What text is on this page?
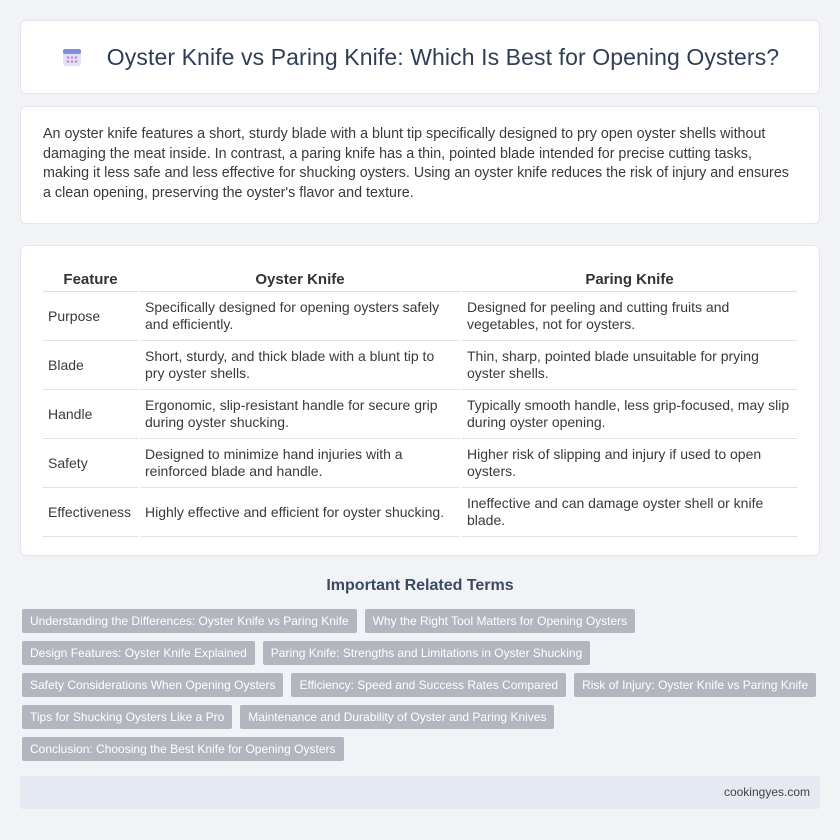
Oyster Knife vs Paring Knife: Which Is Best for Opening Oysters?

An oyster knife features a short, sturdy blade with a blunt tip specifically designed to pry open oyster shells without damaging the meat inside. In contrast, a paring knife has a thin, pointed blade intended for precise cutting tasks, making it less safe and less effective for shucking oysters. Using an oyster knife reduces the risk of injury and ensures a clean opening, preserving the oyster's flavor and texture.

Feature	Oyster Knife	Paring Knife
Purpose	Specifically designed for opening oysters safely and efficiently.	Designed for peeling and cutting fruits and vegetables, not for oysters.
Blade	Short, sturdy, and thick blade with a blunt tip to pry oyster shells.	Thin, sharp, pointed blade unsuitable for prying oyster shells.
Handle	Ergonomic, slip-resistant handle for secure grip during oyster shucking.	Typically smooth handle, less grip-focused, may slip during oyster opening.
Safety	Designed to minimize hand injuries with a reinforced blade and handle.	Higher risk of slipping and injury if used to open oysters.
Effectiveness	Highly effective and efficient for oyster shucking.	Ineffective and can damage oyster shell or knife blade.
Important Related Terms
Understanding the Differences: Oyster Knife vs Paring Knife	Why the Right Tool Matters for Opening Oysters
Design Features: Oyster Knife Explained	Paring Knife: Strengths and Limitations in Oyster Shucking
Safety Considerations When Opening Oysters	Efficiency: Speed and Success Rates Compared	Risk of Injury: Oyster Knife vs Paring Knife
Tips for Shucking Oysters Like a Pro	Maintenance and Durability of Oyster and Paring Knives
Conclusion: Choosing the Best Knife for Opening Oysters
cookingyes.com
